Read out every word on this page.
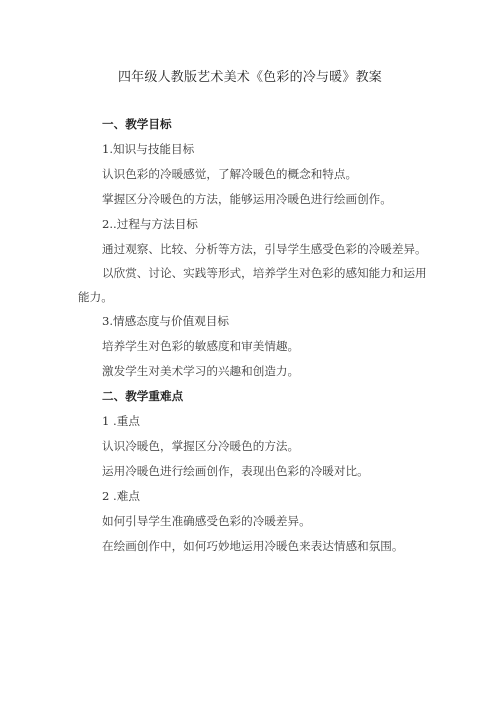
四年级人教版艺术美术《色彩的冷与暖》教案
一、教学目标
1.知识与技能目标
认识色彩的冷暖感觉，了解冷暖色的概念和特点。
掌握区分冷暖色的方法，能够运用冷暖色进行绘画创作。
2..过程与方法目标
通过观察、比较、分析等方法，引导学生感受色彩的冷暖差异。
以欣赏、讨论、实践等形式，培养学生对色彩的感知能力和运用能力。
3.情感态度与价值观目标
培养学生对色彩的敏感度和审美情趣。
激发学生对美术学习的兴趣和创造力。
二、教学重难点
1 .重点
认识冷暖色，掌握区分冷暖色的方法。
运用冷暖色进行绘画创作，表现出色彩的冷暖对比。
2 .难点
如何引导学生准确感受色彩的冷暖差异。
在绘画创作中，如何巧妙地运用冷暖色来表达情感和氛围。
